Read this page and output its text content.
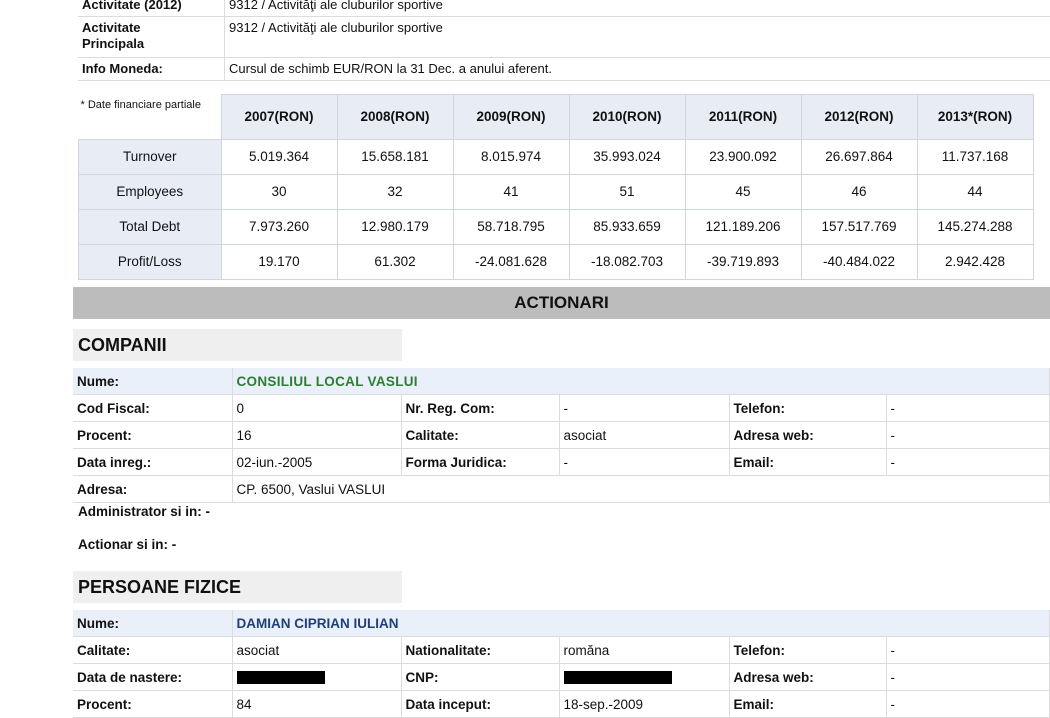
Activitate (2012)	9312 / Activităţi ale cluburilor sportive

Activitate Principala	9312 / Activităţi ale cluburilor sportive
Info Moneda:	Cursul de schimb EUR/RON la 31 Dec. a anului aferent.
* Date financiare partiale	2007(RON)	2008(RON)	2009(RON)	2010(RON)	2011(RON)	2012(RON)	2013*(RON)
Turnover	5.019.364	15.658.181	8.015.974	35.993.024	23.900.092	26.697.864	11.737.168
Employees	30	32	41	51	45	46	44
Total Debt	7.973.260	12.980.179	58.718.795	85.933.659	121.189.206	157.517.769	145.274.288
Profit/Loss	19.170	61.302	-24.081.628	-18.082.703	-39.719.893	-40.484.022	2.942.428
ACTIONARI
COMPANII
Nume:	CONSILIUL LOCAL VASLUI				
Cod Fiscal:	0	Nr. Reg. Com:	-	Telefon:	-
Procent:	16	Calitate:	asociat	Adresa web:	-
Data inreg.:	02-iun.-2005	Forma Juridica:	-	Email:	-
Adresa:	CP. 6500, Vaslui VASLUI				
Administrator si in: -
Actionar si in: -
PERSOANE FIZICE
Nume:	DAMIAN CIPRIAN IULIAN				
Calitate:	asociat	Nationalitate:	romăna	Telefon:	-
Data de nastere:		CNP:		Adresa web:	-
Procent:	84	Data inceput:	18-sep.-2009	Email:	-
